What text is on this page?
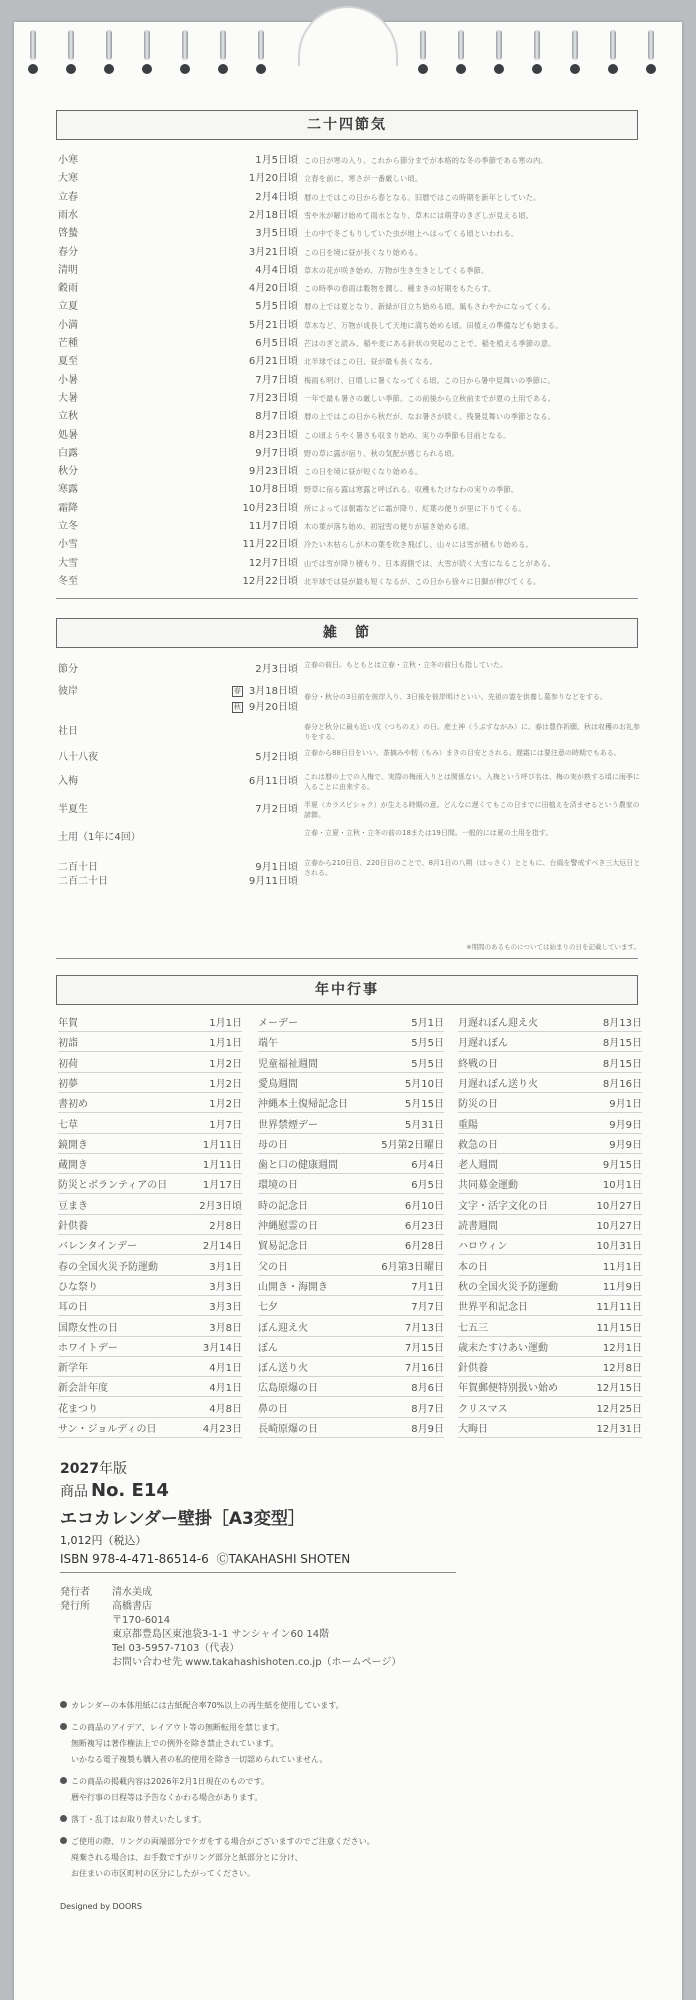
二十四節気
小寒	1月5日頃 この日が寒の入り。これから節分までが本格的な冬の季節である寒の内。
大寒	1月20日頃 立春を前に、寒さが一番厳しい頃。
立春	2月4日頃 暦の上ではこの日から春となる。旧暦ではこの時期を新年としていた。
雨水	2月18日頃 雪や氷が解け始めて雨水となり、草木には萌芽のきざしが見える頃。
啓蟄	3月5日頃 土の中で冬ごもりしていた虫が地上へはってくる頃といわれる。
春分	3月21日頃 この日を境に昼が長くなり始める。
清明	4月4日頃 草木の花が咲き始め、万物が生き生きとしてくる季節。
穀雨	4月20日頃 この時季の春雨は穀物を潤し、種まきの好期をもたらす。
立夏	5月5日頃 暦の上では夏となり、新緑が目立ち始める頃。風もさわやかになってくる。
小満	5月21日頃 草木など、万物が成長して天地に満ち始める頃。田植えの準備なども始まる。
芒種	6月5日頃 芒はのぎと読み、稲や麦にある針状の突起のことで、稲を植える季節の意。
夏至	6月21日頃 北半球ではこの日、昼が最も長くなる。
小暑	7月7日頃 梅雨も明け、日増しに暑くなってくる頃。この日から暑中見舞いの季節に。
大暑	7月23日頃 一年で最も暑さの厳しい季節。この前後から立秋前までが夏の土用である。
立秋	8月7日頃 暦の上ではこの日から秋だが、なお暑さが続く。残暑見舞いの季節となる。
処暑	8月23日頃 この頃ようやく暑さも収まり始め、実りの季節も目前となる。
白露	9月7日頃 野の草に露が宿り、秋の気配が感じられる頃。
秋分	9月23日頃 この日を境に昼が短くなり始める。
寒露	10月8日頃 野草に宿る露は寒露と呼ばれる。収穫もたけなわの実りの季節。
霜降	10月23日頃 所によっては朝霜などに霜が降り、紅葉の便りが里に下りてくる。
立冬	11月7日頃 木の葉が落ち始め、初冠雪の便りが届き始める頃。
小雪	11月22日頃 冷たい木枯らしが木の葉を吹き飛ばし、山々には雪が積もり始める。
大雪	12月7日頃 山では雪が降り積もり、日本海側では、大雪が続く大雪になることがある。
冬至	12月22日頃 北半球では昼が最も短くなるが、この日から徐々に日脚が伸びてくる。
雑　節
節分	2月3日頃 立春の前日。もともとは立春・立秋・立冬の前日も指していた。
彼岸	春 3月18日頃
秋 9月20日頃
春分・秋分の3日前を彼岸入り、3日後を彼岸明けといい、先祖の霊を供養し墓参りなどをする。
社日	春分と秋分に最も近い戊（つちのえ）の日。産土神（うぶすながみ）に、春は豊作祈願、秋は収穫のお礼参りをする。
八十八夜	5月2日頃 立春から88日目をいい、茶摘みや籾（もみ）まきの目安とされる。遅霜には要注意の時期でもある。
入梅	6月11日頃 これは暦の上での入梅で、実際の梅雨入りとは関係ない。入梅という呼び名は、梅の実が熟する頃に雨季に入ることに由来する。
半夏生	7月2日頃 半夏（カラスビシャク）が生える時期の意。どんなに遅くてもこの日までに田植えを済ませるという農家の諺節。
土用（1年に4回）	立春・立夏・立秋・立冬の前の18または19日間。一般的には夏の土用を指す。
二百十日	9月1日頃 立春から210日目、220日目のことで、8月1日の八朔（はっさく）とともに、台風を警戒すべき三大厄日とされる。
二百二十日	9月11日頃
※期間のあるものについては始まりの日を記載しています。
年中行事
年賀	1月1日
初詣	1月1日
初荷	1月2日
初夢	1月2日
書初め	1月2日
七草	1月7日
鏡開き	1月11日
蔵開き	1月11日
防災とボランティアの日	1月17日
豆まき	2月3日頃
針供養	2月8日
バレンタインデー	2月14日
春の全国火災予防運動	3月1日
ひな祭り	3月3日
耳の日	3月3日
国際女性の日	3月8日
ホワイトデー	3月14日
新学年	4月1日
新会計年度	4月1日
花まつり	4月8日
サン・ジョルディの日	4月23日
メーデー	5月1日
端午	5月5日
児童福祉週間	5月5日
愛鳥週間	5月10日
沖縄本土復帰記念日	5月15日
世界禁煙デー	5月31日
母の日	5月第2日曜日
歯と口の健康週間	6月4日
環境の日	6月5日
時の記念日	6月10日
沖縄慰霊の日	6月23日
貿易記念日	6月28日
父の日	6月第3日曜日
山開き・海開き	7月1日
七夕	7月7日
ぼん迎え火	7月13日
ぼん	7月15日
ぼん送り火	7月16日
広島原爆の日	8月6日
鼻の日	8月7日
長崎原爆の日	8月9日
月遅れぼん迎え火	8月13日
月遅れぼん	8月15日
終戦の日	8月15日
月遅れぼん送り火	8月16日
防災の日	9月1日
重陽	9月9日
救急の日	9月9日
老人週間	9月15日
共同募金運動	10月1日
文字・活字文化の日	10月27日
読書週間	10月27日
ハロウィン	10月31日
本の日	11月1日
秋の全国火災予防運動	11月9日
世界平和記念日	11月11日
七五三	11月15日
歳末たすけあい運動	12月1日
針供養	12月8日
年賀郵便特別扱い始め	12月15日
クリスマス	12月25日
大晦日	12月31日
2027年版
商品 No. E14
エコカレンダー壁掛［A3変型］
1,012円（税込）
ISBN 978-4-471-86514-6 ⒸTAKAHASHI SHOTEN
発行者 清水美成
発行所 高橋書店
〒170-6014
東京都豊島区東池袋3-1-1 サンシャイン60 14階
Tel 03-5957-7103（代表）
お問い合わせ先 www.takahashishoten.co.jp（ホームページ）
カレンダーの本体用紙には古紙配合率70%以上の再生紙を使用しています。
この商品のアイデア、レイアウト等の無断転用を禁じます。
無断複写は著作権法上での例外を除き禁止されています。
いかなる電子複製も購入者の私的使用を除き一切認められていません。
この商品の掲載内容は2026年2月1日現在のものです。
暦や行事の日程等は予告なくかわる場合があります。
落丁・乱丁はお取り替えいたします。
ご使用の際、リングの両端部分でケガをする場合がございますのでご注意ください。
廃棄される場合は、お手数ですがリング部分と紙部分とに分け、
お住まいの市区町村の区分にしたがってください。
Designed by DOORS
